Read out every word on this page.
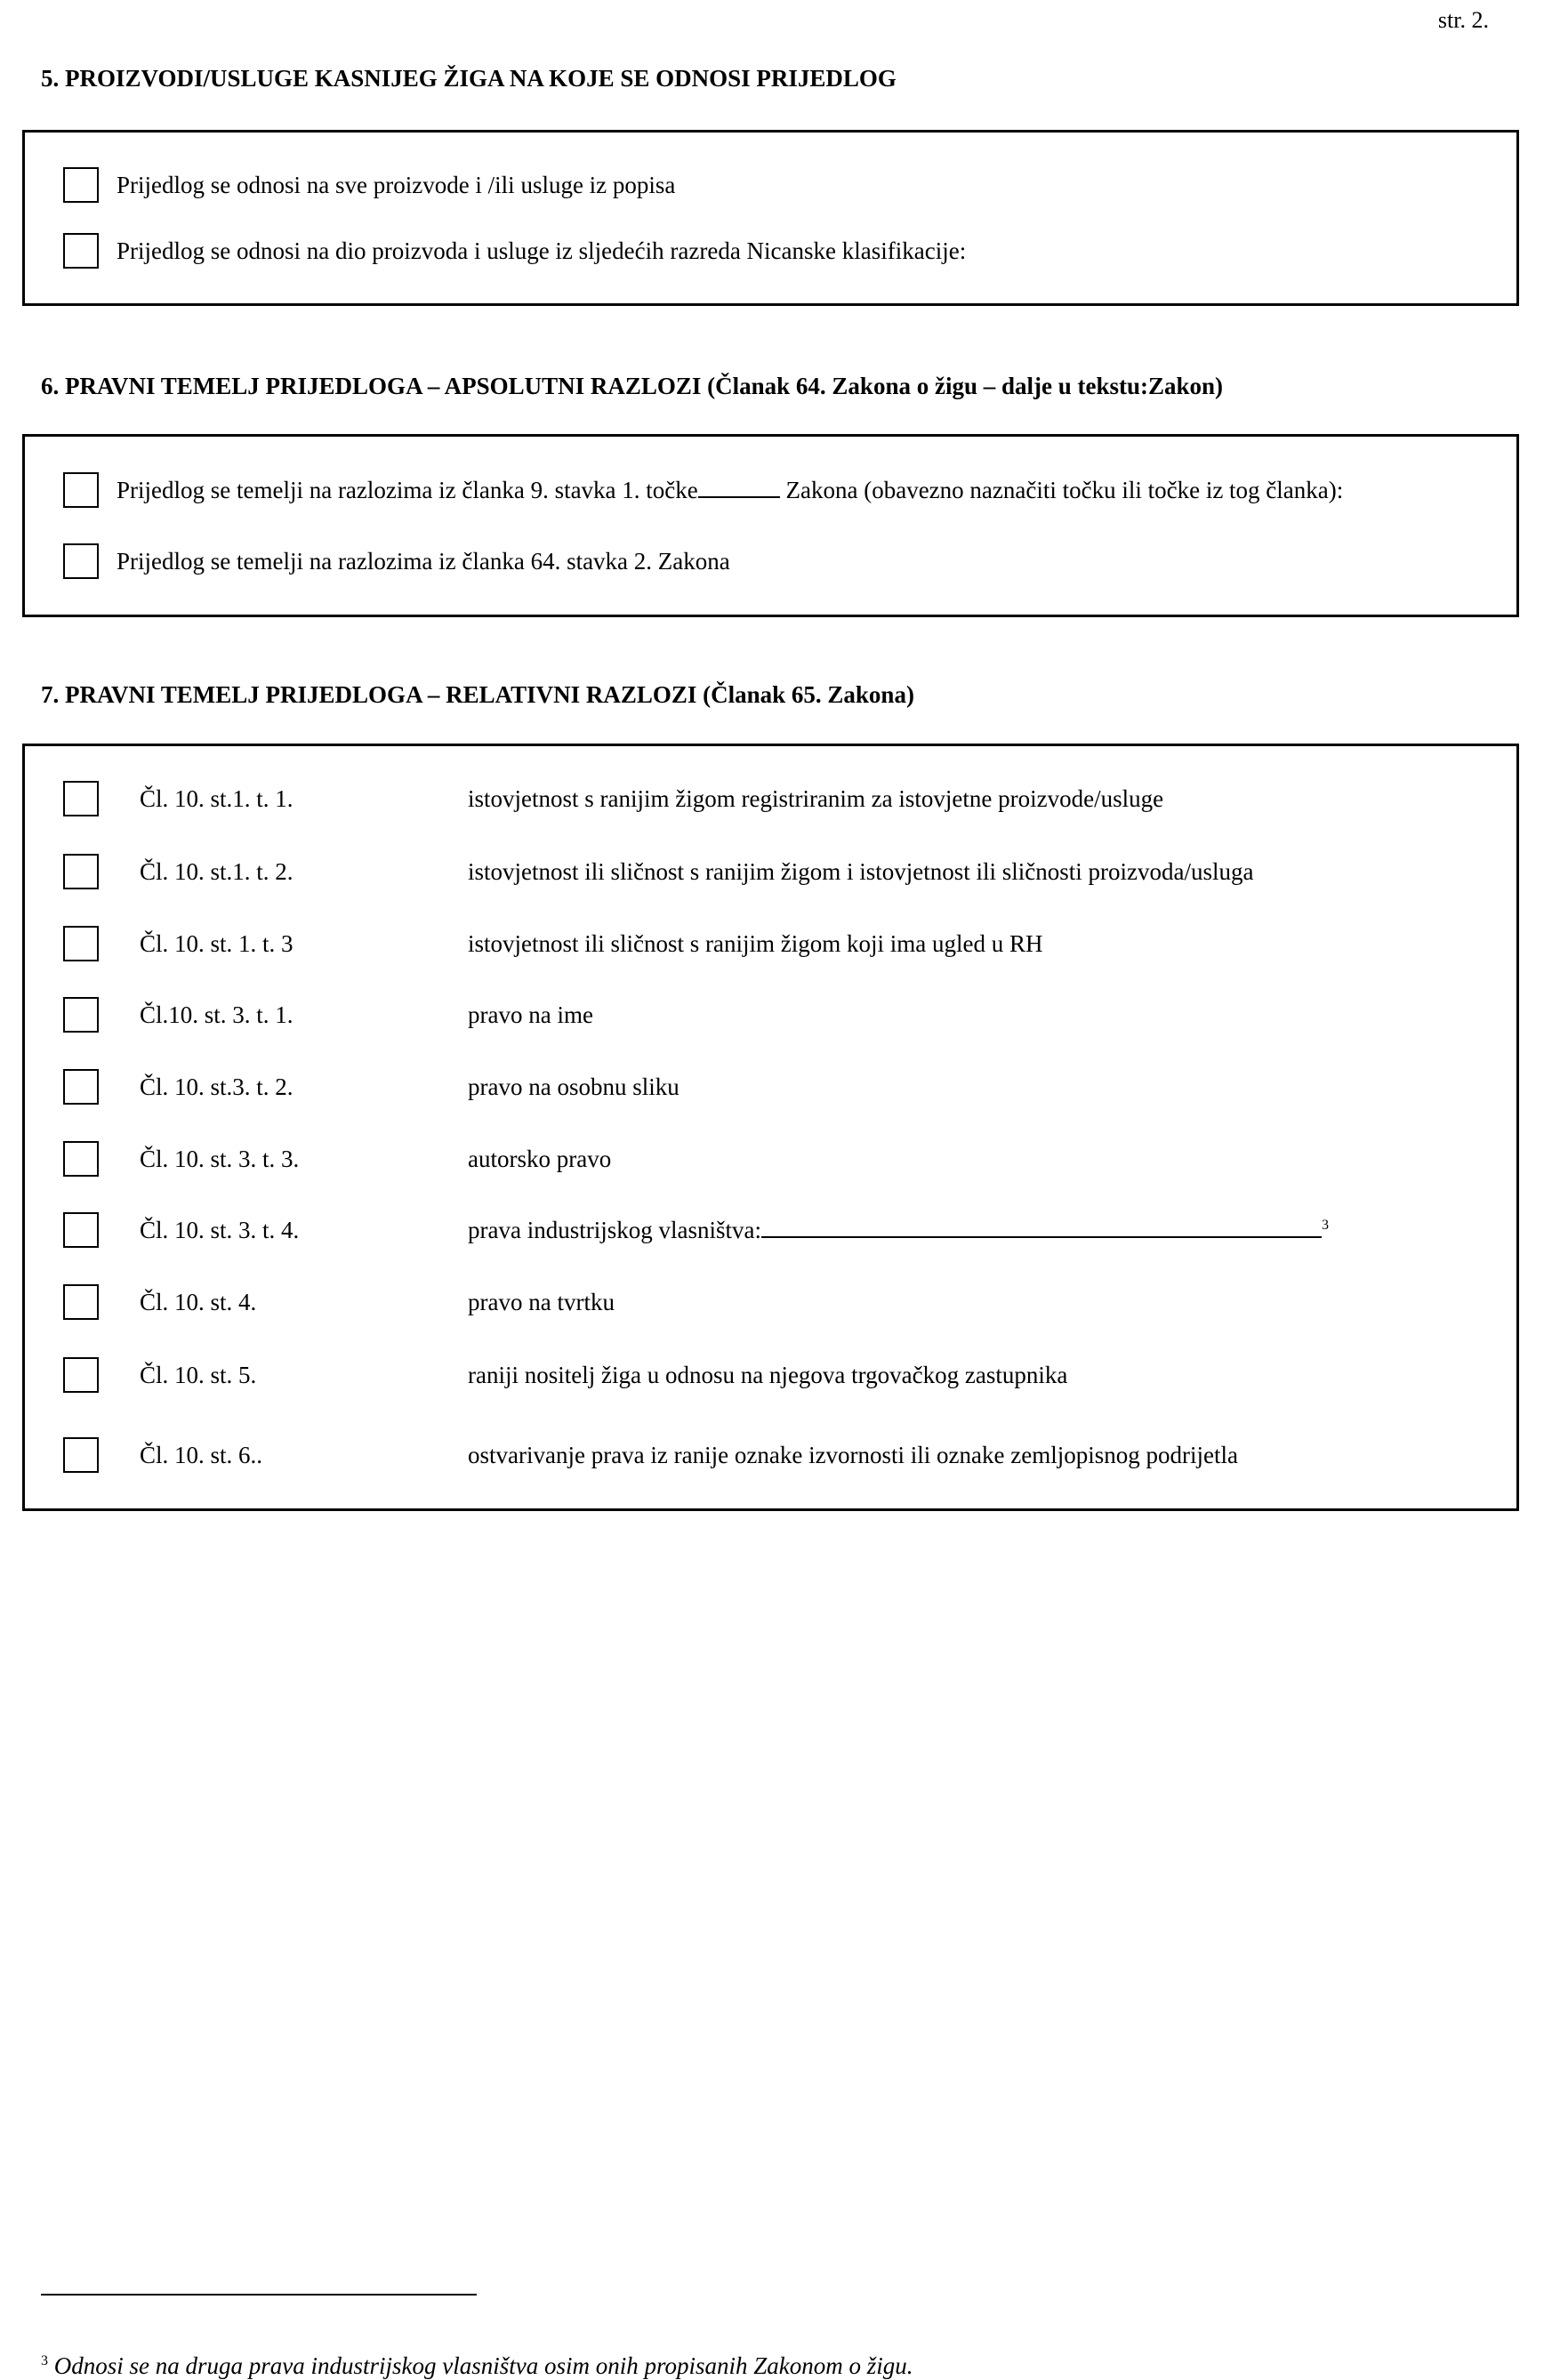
str. 2.
5. PROIZVODI/USLUGE KASNIJEG ŽIGA NA KOJE SE ODNOSI PRIJEDLOG
Prijedlog se odnosi na sve proizvode i /ili usluge iz popisa
Prijedlog se odnosi na dio proizvoda i usluge iz sljedećih razreda Nicanske klasifikacije:
6. PRAVNI TEMELJ PRIJEDLOGA – APSOLUTNI RAZLOZI (Članak 64. Zakona o žigu – dalje u tekstu:Zakon)
Prijedlog se temelji na razlozima iz članka 9. stavka 1. točke	Zakona (obavezno naznačiti točku ili točke iz tog članka):
Prijedlog se temelji na razlozima iz članka 64. stavka 2. Zakona
7. PRAVNI TEMELJ PRIJEDLOGA – RELATIVNI RAZLOZI (Članak 65. Zakona)
Čl. 10. st.1. t. 1.	istovjetnost s ranijim žigom registriranim za istovjetne proizvode/usluge
Čl. 10. st.1. t. 2.	istovjetnost ili sličnost s ranijim žigom i istovjetnost ili sličnosti proizvoda/usluga
Čl. 10. st. 1. t. 3	istovjetnost ili sličnost s ranijim žigom koji ima ugled u RH
Čl.10. st. 3. t. 1.	pravo na ime
Čl. 10. st.3. t. 2.	pravo na osobnu sliku
Čl. 10. st. 3. t. 3.	autorsko pravo
Čl. 10. st. 3. t. 4.	prava industrijskog vlasništva:	$^3$
Čl. 10. st. 4.	pravo na tvrtku
Čl. 10. st. 5.	raniji nositelj žiga u odnosu na njegova trgovačkog zastupnika
Čl. 10. st. 6..	ostvarivanje prava iz ranije oznake izvornosti ili oznake zemljopisnog podrijetla
$^3$ Odnosi se na druga prava industrijskog vlasništva osim onih propisanih Zakonom o žigu.
